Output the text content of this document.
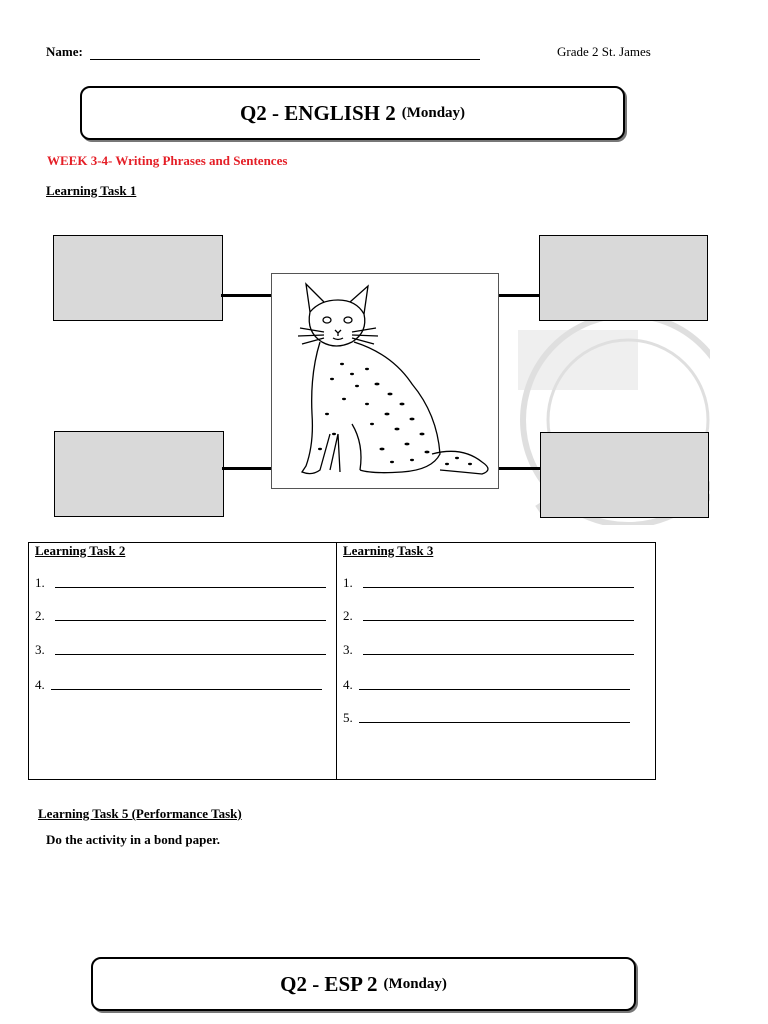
Name:	Grade 2 St. James
Q2 - ENGLISH 2 (Monday)
WEEK 3-4- Writing Phrases and Sentences
Learning Task 1
Learning Task 2	Learning Task 3
1.
2.
3.
4.
1.
2.
3.
4.
5.
Learning Task 5 (Performance Task)
Do the activity in a bond paper.
Q2 - ESP 2 (Monday)
